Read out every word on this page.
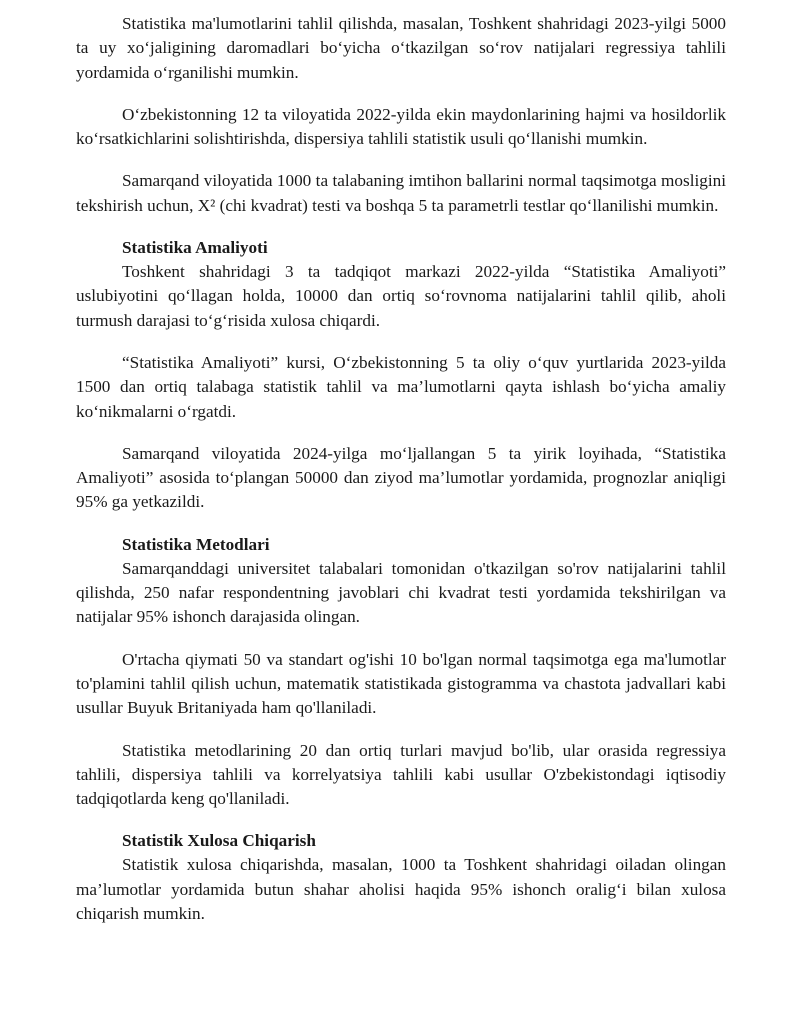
Statistika ma'lumotlarini tahlil qilishda, masalan, Toshkent shahridagi 2023-yilgi 5000 ta uy xo‘jaligining daromadlari bo‘yicha o‘tkazilgan so‘rov natijalari regressiya tahlili yordamida o‘rganilishi mumkin.

O‘zbekistonning 12 ta viloyatida 2022-yilda ekin maydonlarining hajmi va hosildorlik ko‘rsatkichlarini solishtirishda, dispersiya tahlili statistik usuli qo‘llanishi mumkin.

Samarqand viloyatida 1000 ta talabaning imtihon ballarini normal taqsimotga mosligini tekshirish uchun, X² (chi kvadrat) testi va boshqa 5 ta parametrli testlar qo‘llanilishi mumkin.

Statistika Amaliyoti

Toshkent shahridagi 3 ta tadqiqot markazi 2022-yilda “Statistika Amaliyoti” uslubiyotini qo‘llagan holda, 10000 dan ortiq so‘rovnoma natijalarini tahlil qilib, aholi turmush darajasi to‘g‘risida xulosa chiqardi.

“Statistika Amaliyoti” kursi, O‘zbekistonning 5 ta oliy o‘quv yurtlarida 2023-yilda 1500 dan ortiq talabaga statistik tahlil va ma’lumotlarni qayta ishlash bo‘yicha amaliy ko‘nikmalarni o‘rgatdi.

Samarqand viloyatida 2024-yilga mo‘ljallangan 5 ta yirik loyihada, “Statistika Amaliyoti” asosida to‘plangan 50000 dan ziyod ma’lumotlar yordamida, prognozlar aniqligi 95% ga yetkazildi.

Statistika Metodlari

Samarqanddagi universitet talabalari tomonidan o'tkazilgan so'rov natijalarini tahlil qilishda, 250 nafar respondentning javoblari chi kvadrat testi yordamida tekshirilgan va natijalar 95% ishonch darajasida olingan.

O'rtacha qiymati 50 va standart og'ishi 10 bo'lgan normal taqsimotga ega ma'lumotlar to'plamini tahlil qilish uchun, matematik statistikada gistogramma va chastota jadvallari kabi usullar Buyuk Britaniyada ham qo'llaniladi.

Statistika metodlarining 20 dan ortiq turlari mavjud bo'lib, ular orasida regressiya tahlili, dispersiya tahlili va korrelyatsiya tahlili kabi usullar O'zbekistondagi iqtisodiy tadqiqotlarda keng qo'llaniladi.

Statistik Xulosa Chiqarish

Statistik xulosa chiqarishda, masalan, 1000 ta Toshkent shahridagi oiladan olingan ma’lumotlar yordamida butun shahar aholisi haqida 95% ishonch oralig‘i bilan xulosa chiqarish mumkin.
